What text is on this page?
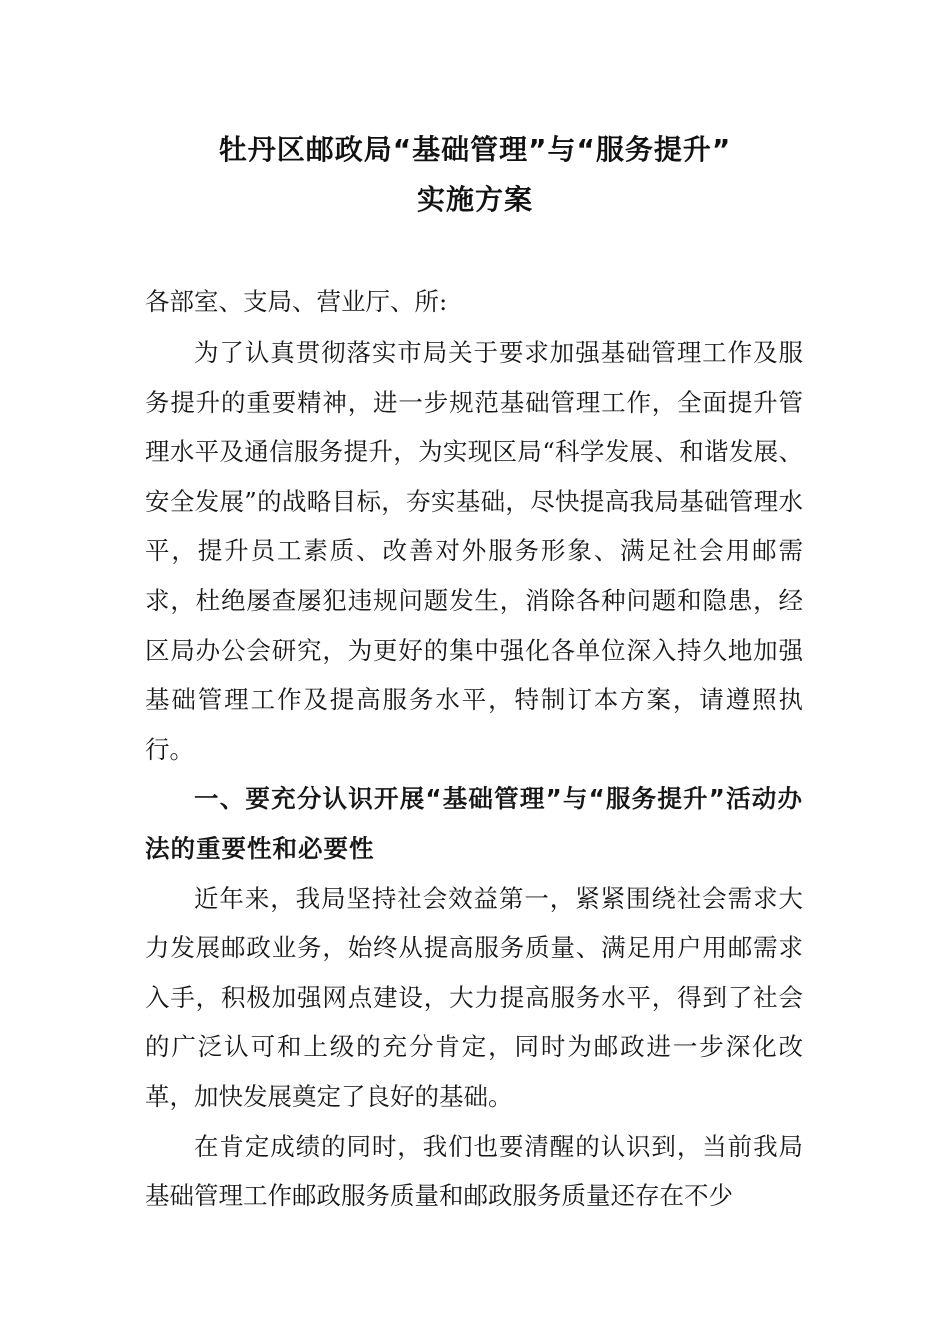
牡丹区邮政局“基础管理”与“服务提升”
实施方案
各部室、支局、营业厅、所:

为了认真贯彻落实市局关于要求加强基础管理工作及服务提升的重要精神，进一步规范基础管理工作，全面提升管理水平及通信服务提升，为实现区局“科学发展、和谐发展、安全发展”的战略目标，夯实基础，尽快提高我局基础管理水平，提升员工素质、改善对外服务形象、满足社会用邮需求，杜绝屡查屡犯违规问题发生，消除各种问题和隐患，经区局办公会研究，为更好的集中强化各单位深入持久地加强基础管理工作及提高服务水平，特制订本方案，请遵照执行。

一、要充分认识开展“基础管理”与“服务提升”活动办法的重要性和必要性

近年来，我局坚持社会效益第一，紧紧围绕社会需求大力发展邮政业务，始终从提高服务质量、满足用户用邮需求入手，积极加强网点建设，大力提高服务水平，得到了社会的广泛认可和上级的充分肯定，同时为邮政进一步深化改革，加快发展奠定了良好的基础。

在肯定成绩的同时，我们也要清醒的认识到，当前我局基础管理工作邮政服务质量和邮政服务质量还存在不少
